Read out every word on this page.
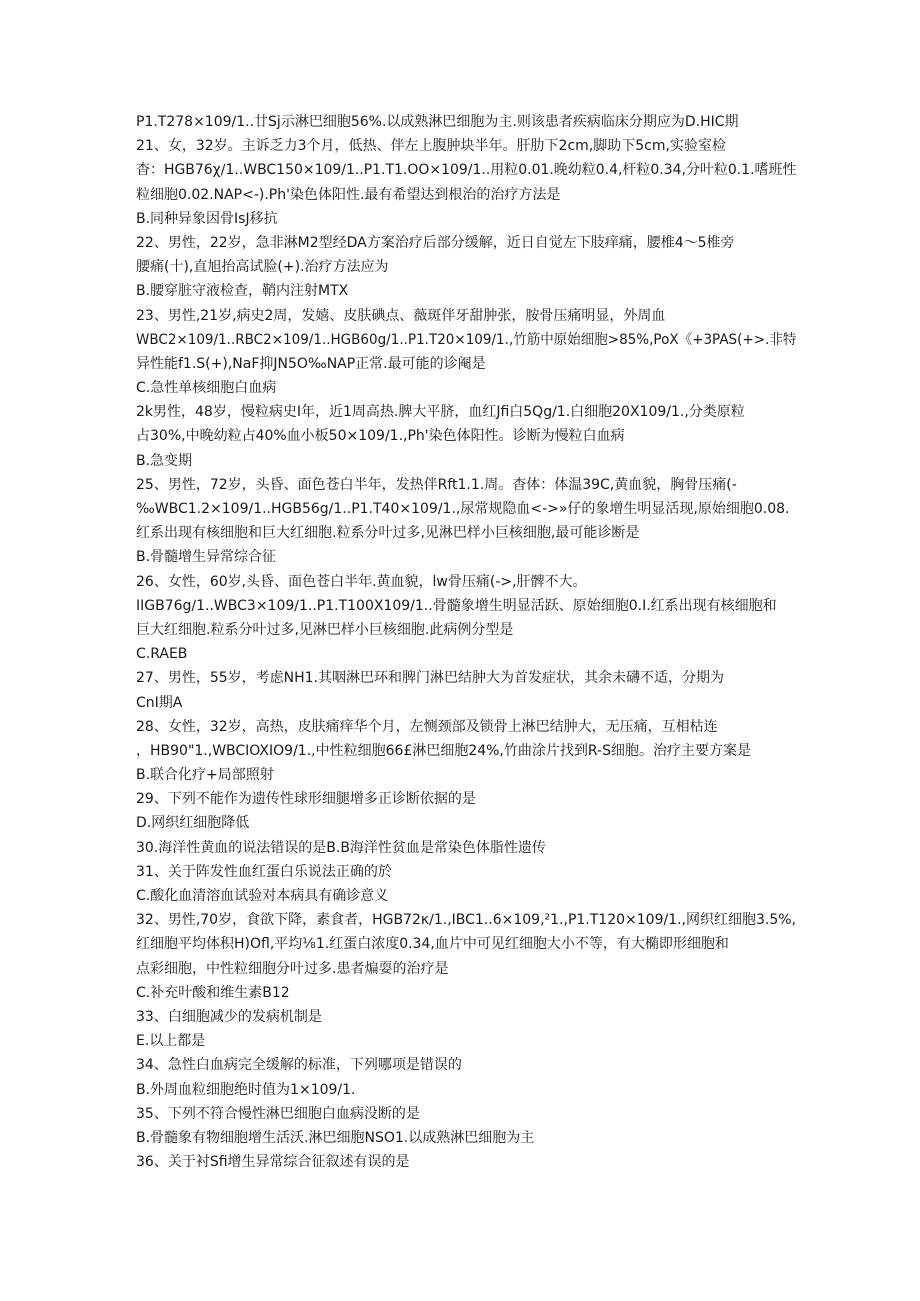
P1.T278×109∕1..廿Sj示淋巴细胞56%.以成熟淋巴细胞为主.则该患者疾病临床分期应为D.HIC期
21、女，32岁。主诉乏力3个月，低热、伴左上腹肿块半年。肝肋下2cm,脚助下5cm,实验室检
杳：HGB76χ∕1..WBC150×109∕1..P1.T1.OO×109∕1..用粒0.01.晚幼粒0.4,杆粒0.34,分叶粒0.1.嗜班性
粒细胞0.02.NAP<-).Ph'染色体阳性.最有希望达到根治的治疗方法是
B.同种异象因骨IsJ移抗
22、男性，22岁，急非淋M2型经DA方案治疗后部分缓解，近日自觉左下肢痒痛，腰椎4〜5椎旁
腰痛(十),直旭抬高试脸(+).治疗方法应为
B.腰穿脏守液检查，鞘内注射MTX
23、男性,21岁,病史2周，发嬉、皮肤碘点、薇斑伴牙甜肿张，胺骨压痛明显，外周血
WBC2×109∕1..RBC2×109∕1..HGB60g∕1..P1.T20×109∕1.,竹筋中原始细胞>85%,PoX《+3PAS(+>.非特
异性能f1.S(+),NaF抑JN5O‰NAP正常.最可能的诊阉是
C.急性单核细胞白血病
2k男性，48岁，慢粒病史I年，近1周高热.脾大平脐，血红Jfi白5Qg∕1.白细胞20X109/1.,分类原粒
占30%,中晚幼粒占40%血小板50×109∕1.,Ph'染色体阳性。诊断为慢粒白血病
B.急变期
25、男性，72岁，头昏、面色苍白半年，发热伴Rft1.1.周。杳体：体温39C,黄血貌，胸骨压痛(-
‰WBC1.2×109∕1..HGB56g∕1..P1.T40×109∕1.,尿常规隐血<->»仔的象增生明显活现,原始细胞0.08.
红系出现有核细胞和巨大红细胞.粒系分叶过多,见淋巴样小巨核细胞,最可能诊断是
B.骨髓增生异常综合征
26、女性，60岁,头昏、面色苍白半年.黄血貌，lw骨压痛(->,肝髀不大。
IIGB76g∕1..WBC3×109∕1..P1.T100X109/1..骨髓象增生明显活跃、原始细胞0.I.红系出现有核细胞和
巨大红细胞.粒系分叶过多,见淋巴样小巨核细胞.此病例分型是
C.RAEB
27、男性，55岁，考虑NH1.其咽淋巴环和脾门淋巴结肿大为首发症状，其余未礴不适，分期为
CnI期A
28、女性，32岁，高热，皮肤痛痒华个月，左恻颈部及锁骨上淋巴结肿大，无压痛，互相枯连
，HB90"1.,WBCIOXIO9/1.,中性粒细胞66£淋巴细胞24%,竹曲涂片找到R-S细胞。治疗主要方案是
B.联合化疗+局部照射
29、下列不能作为遗传性球形细腿增多正诊断依据的是
D.网织红细胞降低
30.海洋性黄血的说法错误的是B.B海洋性贫血是常染色体脂性遗传
31、关于阵发性血红蛋白乐说法正确的於
C.酸化血清溶血试验对本病具有确诊意义
32、男性,70岁，食欲下降，素食者，HGB72κ∕1.,IBC1..6×109,²1.,P1.T120×109/1.,网织红细胞3.5%,
红细胞平均体积H)Ofl,平均⅛1.红蛋白浓度0.34,血片中可见红细胞大小不等，有大椭即形细胞和
点彩细胞，中性粒细胞分叶过多.患者煸耍的治疗是
C.补充叶酸和维生素B12
33、白细胞减少的发病机制是
E.以上都是
34、急性白血病完全缓解的标准，下列哪项是错误的
B.外周血粒细胞绝时值为1×109/1.
35、下列不符合慢性淋巴细胞白血病没断的是
B.骨髓象有物细胞增生活沃.淋巴细胞NSO1.以成熟淋巴细胞为主
36、关于衬Sfi增生异常综合征叙述有误的是
